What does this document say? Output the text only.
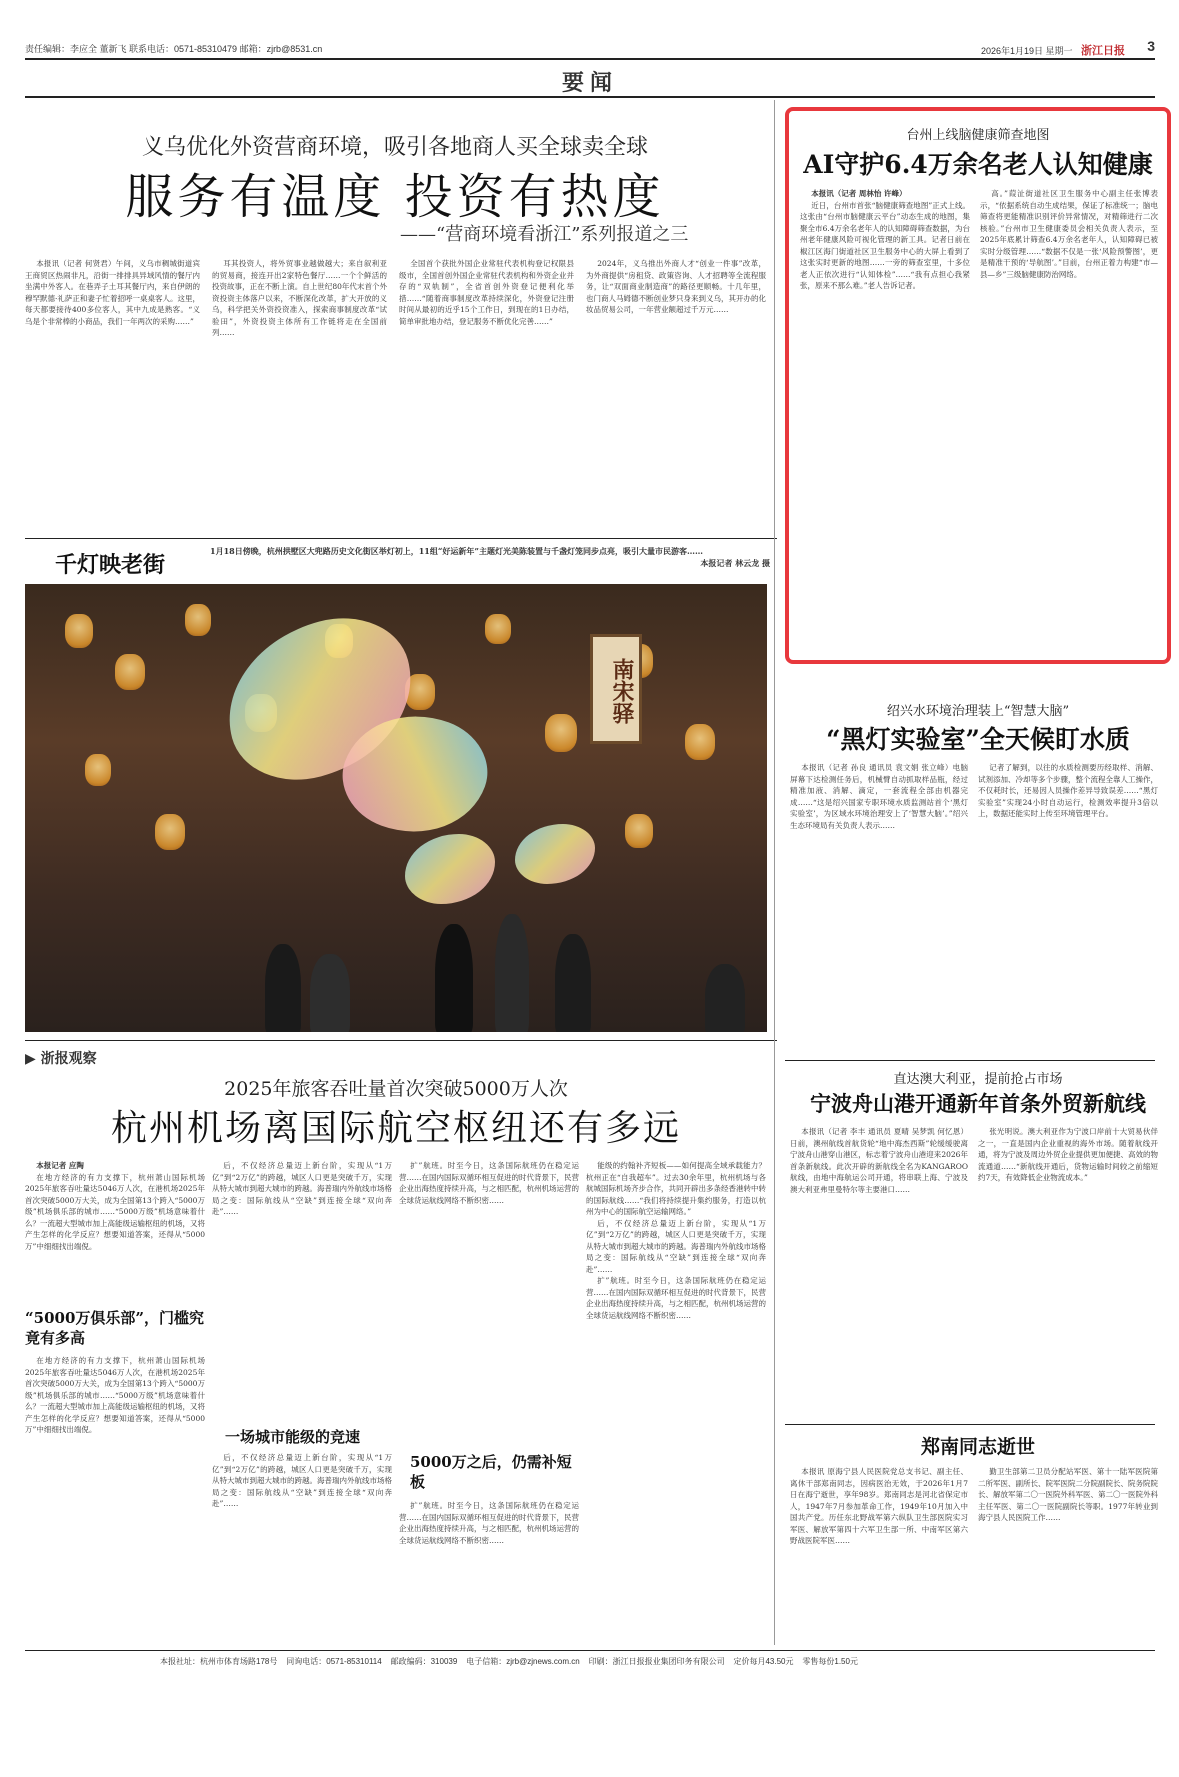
责任编辑：李应全 董新飞 联系电话：0571-85310479 邮箱：zjrb@8531.cn	2026年1月19日 星期一 浙江日报 3
要闻
义乌优化外资营商环境，吸引各地商人买全球卖全球
服务有温度 投资有热度
——“营商环境看浙江”系列报道之三

本报讯（记者 何贤君）午间，义乌市稠城街道宾王商贸区热闹非凡，沿街一排排具异域风情的餐厅内坐满中外客人。在巷弄子土耳其餐厅内，来自伊朗的穆罕默德·礼萨正和妻子忙着招呼一桌桌客人。这里，每天都要接待400多位客人，其中九成是熟客。“义乌是个非常棒的小商品，我们一年两次的采购……”

耳其投资人，将外贸事业越做越大；来自叙利亚的贸易商，接连开出2家特色餐厅……一个个鲜活的投资故事，正在不断上演。自上世纪80年代末首个外资投资主体落户以来，不断深化改革，扩大开放的义乌，科学把关外资投资准入，探索商事制度改革“试验田”，外资投资主体所有工作链将走在全国前列……

全国首个获批外国企业常驻代表机构登记权限县级市，全国首创外国企业常驻代表机构和外资企业并存的“双轨制”，全省首创外资登记便利化举措……“随着商事制度改革持续深化，外资登记注册时间从最初的近乎15个工作日，到现在的1日办结，简单审批地办结，登记服务不断优化完善……”

2024年，义乌推出外商人才“创业一件事”改革，为外商提供“房租贷、政策咨询、人才招聘等全流程服务，让“双面商业制造商”的路径更顺畅。十几年里，也门商人马姆德不断创业梦只身来到义乌，其开办的化妆品贸易公司，一年营业额超过千万元……

千灯映老街
1月18日傍晚，杭州拱墅区大兜路历史文化街区举灯初上，11组“好运新年”主题灯光美陈装置与千盏灯笼同步点亮，吸引大量市民游客……
本报记者 林云龙 摄
南宋驿
▶ 浙报观察
2025年旅客吞吐量首次突破5000万人次
杭州机场离国际航空枢纽还有多远

本报记者 应陶

在地方经济的有力支撑下，杭州萧山国际机场2025年旅客吞吐量达5046万人次，在港机场2025年首次突破5000万大关，成为全国第13个跨入“5000万级”机场俱乐部的城市……“5000万级”机场意味着什么？一流超大型城市加上高能级运输枢纽的机场，又将产生怎样的化学反应？想要知道答案，还得从“5000万”中细细找出端倪。

“5000万俱乐部”，门槛究竟有多高

在地方经济的有力支撑下，杭州萧山国际机场2025年旅客吞吐量达5046万人次，在港机场2025年首次突破5000万大关，成为全国第13个跨入“5000万级”机场俱乐部的城市……“5000万级”机场意味着什么？一流超大型城市加上高能级运输枢纽的机场，又将产生怎样的化学反应？想要知道答案，还得从“5000万”中细细找出端倪。

后，不仅经济总量迈上新台阶，实现从“1万亿”到“2万亿”的跨越，城区人口更是突破千万，实现从特大城市到超大城市的跨越。海普瑞内外航线市场格局之变：国际航线从“空缺”到连接全球“双向奔赴”……

一场城市能级的竞速

后，不仅经济总量迈上新台阶，实现从“1万亿”到“2万亿”的跨越，城区人口更是突破千万，实现从特大城市到超大城市的跨越。海普瑞内外航线市场格局之变：国际航线从“空缺”到连接全球“双向奔赴”……

扩”航班。时至今日，这条国际航班仍在稳定运营……在国内国际双循环相互促进的时代背景下，民营企业出海热度持续升高，与之相匹配，杭州机场运营的全球货运航线网络不断织密……

5000万之后，仍需补短板

扩”航班。时至今日，这条国际航班仍在稳定运营……在国内国际双循环相互促进的时代背景下，民营企业出海热度持续升高，与之相匹配，杭州机场运营的全球货运航线网络不断织密……

能级的约翰补齐短板——如何提高全域承载能力？杭州正在“自我超车”。过去30余年里，杭州机场与各航城国际机场齐步合作，共同开辟出多条经香港转中转的国际航线……“我们将持续提升集约服务，打造以杭州为中心的国际航空运输网络。”

后，不仅经济总量迈上新台阶，实现从“1万亿”到“2万亿”的跨越，城区人口更是突破千万，实现从特大城市到超大城市的跨越。海普瑞内外航线市场格局之变：国际航线从“空缺”到连接全球“双向奔赴”……

扩”航班。时至今日，这条国际航班仍在稳定运营……在国内国际双循环相互促进的时代背景下，民营企业出海热度持续升高，与之相匹配，杭州机场运营的全球货运航线网络不断织密……

台州上线脑健康筛查地图
AI守护6.4万余名老人认知健康

本报讯（记者 周林怡 许峰）

近日，台州市首张“脑健康筛查地图”正式上线。这张由“台州市脑健康云平台”动态生成的地图，集聚全市6.4万余名老年人的认知障碍筛查数据，为台州老年健康风险可视化管理的新工具。记者日前在椒江区海门街道社区卫生服务中心的大屏上看到了这张实时更新的地图……一旁的筛查室里，十多位老人正依次进行“认知体检”……“我有点担心我紧张，原来不那么难。”老人告诉记者。

高。”葭沚街道社区卫生服务中心副主任张博表示，“依据系统自动生成结果，保证了标准统一；脑电筛查将更能精准识别评价异常情况，对精筛进行二次核验。”台州市卫生健康委员会相关负责人表示，至2025年底累计筛查6.4万余名老年人，认知障碍已被实时分级管理……“数据不仅是一张‘风险预警图’，更是精准干预的‘导航图’。”目前，台州正着力构建“市—县—乡”三级脑健康防治网络。

绍兴水环境治理装上“智慧大脑”
“黑灯实验室”全天候盯水质

本报讯（记者 孙良 通讯员 袁文娟 张立峰）电脑屏幕下达检测任务后，机械臂自动抓取样品瓶，经过精准加液、消解、滴定，一套流程全部由机器完成……“这是绍兴国家专职环境水质监测站首个‘黑灯实验室’，为区域水环境治理安上了‘智慧大脑’。”绍兴生态环境局有关负责人表示……

记者了解到，以往的水质检测要历经取样、消解、试剂添加、冷却等多个步骤，整个流程全靠人工操作，不仅耗时长，还易因人员操作差异导致误差……“黑灯实验室”实现24小时自动运行，检测效率提升3倍以上，数据还能实时上传至环境管理平台。

直达澳大利亚，提前抢占市场
宁波舟山港开通新年首条外贸新航线

本报讯（记者 李丰 通讯员 夏晴 吴梦凯 何忆恩）日前，澳州航线首航货轮“地中海杰西斯”轮缓缓驶离宁波舟山港穿山港区，标志着宁波舟山港迎来2026年首条新航线。此次开辟的新航线全名为KANGAROO航线，由地中海航运公司开通，将串联上海、宁波及澳大利亚弗里曼特尔等主要港口……

张光明说。澳大利亚作为宁波口岸前十大贸易伙伴之一，一直是国内企业重视的海外市场。随着航线开通，将为宁波及周边外贸企业提供更加便捷、高效的物流通道……“新航线开通后，货物运输时间较之前缩短约7天，有效降低企业物流成本。”

郑南同志逝世

本报讯 原海宁县人民医院党总支书记、副主任、离休干部郑南同志，因病医治无效，于2026年1月7日在海宁逝世，享年98岁。郑南同志是河北省保定市人，1947年7月参加革命工作，1949年10月加入中国共产党。历任东北野战军第六纵队卫生部医院实习军医、解放军第四十六军卫生部一所、中南军区第六野战医院军医……

勤卫生部第二卫员分配站军医、第十一陆军医院第二所军医、副所长、院军医院二分院副院长、院务院院长、解放军第二〇一医院外科军医、第二〇一医院外科主任军医、第二〇一医院副院长等职。1977年转业到海宁县人民医院工作……

本报社址：杭州市体育场路178号 同询电话：0571-85310114 邮政编码：310039 电子信箱：zjrb@zjnews.com.cn 印刷：浙江日报报业集团印务有限公司 定价每月43.50元 零售每份1.50元
